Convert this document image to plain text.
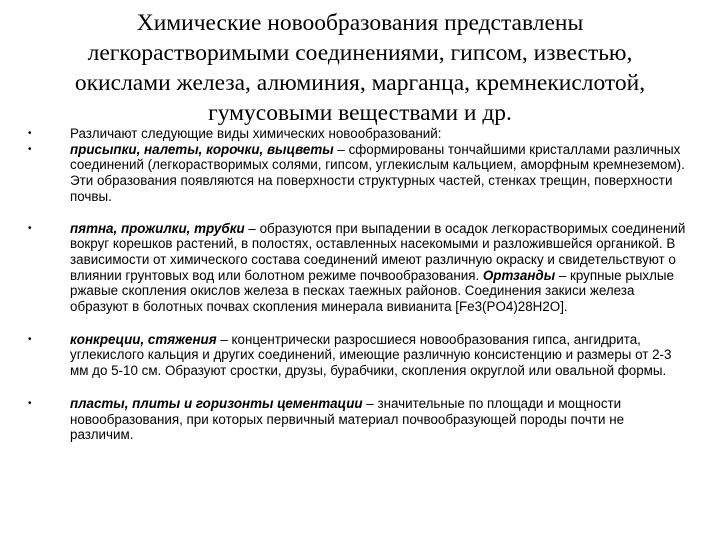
Химические новообразования представлены
легкорастворимыми соединениями, гипсом, известью,
окислами железа, алюминия, марганца, кремнекислотой,
гумусовыми веществами и др.
•	Различают следующие виды химических новообразований:
•	присыпки, налеты, корочки, выцветы – сформированы тончайшими кристаллами различных соединений (легкорастворимых солями, гипсом, углекислым кальцием, аморфным кремнеземом). Эти образования появляются на поверхности структурных частей, стенках трещин, поверхности почвы.
•	пятна, прожилки, трубки – образуются при выпадении в осадок легкорастворимых соединений вокруг корешков растений, в полостях, оставленных насекомыми и разложившейся органикой. В зависимости от химического состава соединений имеют различную окраску и свидетельствуют о влиянии грунтовых вод или болотном режиме почвообразования. Ортзанды – крупные рыхлые ржавые скопления окислов железа в песках таежных районов. Соединения закиси железа образуют в болотных почвах скопления минерала вивианита [Fe3(PO4)28H2O].
•	конкреции, стяжения – концентрически разросшиеся новообразования гипса, ангидрита, углекислого кальция и других соединений, имеющие различную консистенцию и размеры от 2-3 мм до 5-10 см. Образуют сростки, друзы, бурабчики, скопления округлой или овальной формы.
•	пласты, плиты и горизонты цементации – значительные по площади и мощности новообразования, при которых первичный материал почвообразующей породы почти не различим.
